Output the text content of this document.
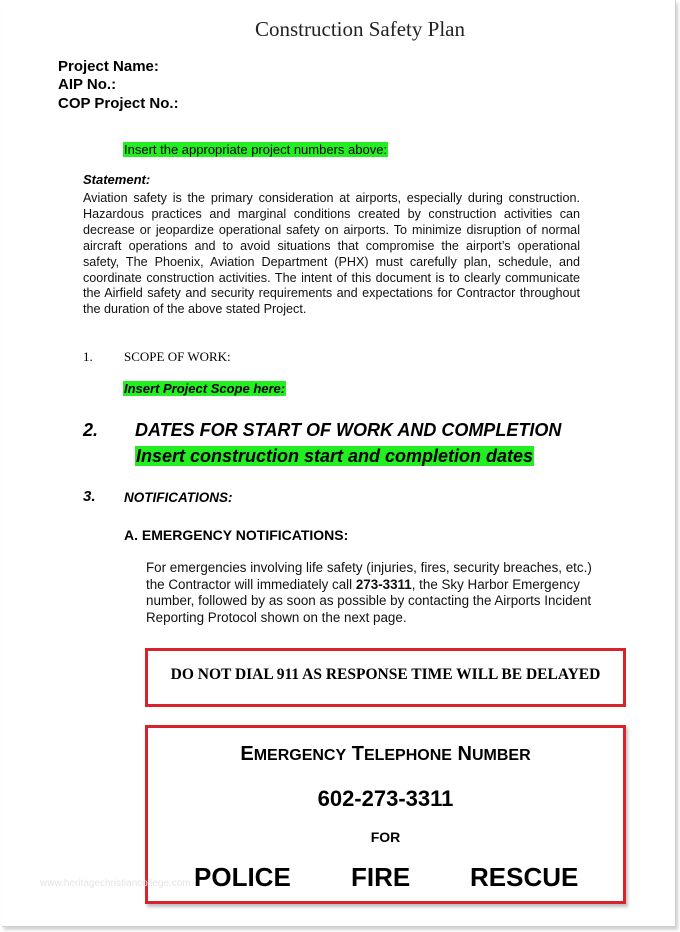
Construction Safety Plan
Project Name:
AIP No.:
COP Project No.:
Insert the appropriate project numbers above:
Statement:
Aviation safety is the primary consideration at airports, especially during construction. Hazardous practices and marginal conditions created by construction activities can decrease or jeopardize operational safety on airports. To minimize disruption of normal aircraft operations and to avoid situations that compromise the airport’s operational safety, The Phoenix, Aviation Department (PHX) must carefully plan, schedule, and coordinate construction activities. The intent of this document is to clearly communicate the Airfield safety and security requirements and expectations for Contractor throughout the duration of the above stated Project.
1. SCOPE OF WORK:
Insert Project Scope here:
2. DATES FOR START OF WORK AND COMPLETION
Insert construction start and completion dates
3. NOTIFICATIONS:
A. EMERGENCY NOTIFICATIONS:
For emergencies involving life safety (injuries, fires, security breaches, etc.) the Contractor will immediately call 273-3311, the Sky Harbor Emergency number, followed by as soon as possible by contacting the Airports Incident Reporting Protocol shown on the next page.
DO NOT DIAL 911 AS RESPONSE TIME WILL BE DELAYED
EMERGENCY TELEPHONE NUMBER
602-273-3311
FOR
POLICE FIRE RESCUE
www.heritagechristiancollege.com
